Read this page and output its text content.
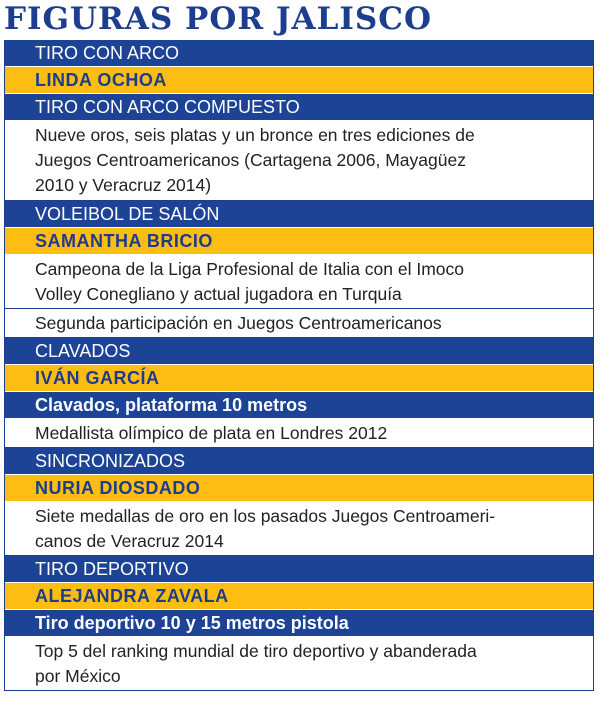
FIGURAS POR JALISCO
TIRO CON ARCO
LINDA OCHOA
TIRO CON ARCO COMPUESTO
Nueve oros, seis platas y un bronce en tres ediciones de
Juegos Centroamericanos (Cartagena 2006, Mayagüez
2010 y Veracruz 2014)
VOLEIBOL DE SALÓN
SAMANTHA BRICIO
Campeona de la Liga Profesional de Italia con el Imoco
Volley Conegliano y actual jugadora en Turquía
Segunda participación en Juegos Centroamericanos
CLAVADOS
IVÁN GARCÍA
Clavados, plataforma 10 metros
Medallista olímpico de plata en Londres 2012
SINCRONIZADOS
NURIA DIOSDADO
Siete medallas de oro en los pasados Juegos Centroameri-
canos de Veracruz 2014
TIRO DEPORTIVO
ALEJANDRA ZAVALA
Tiro deportivo 10 y 15 metros pistola
Top 5 del ranking mundial de tiro deportivo y abanderada
por México
